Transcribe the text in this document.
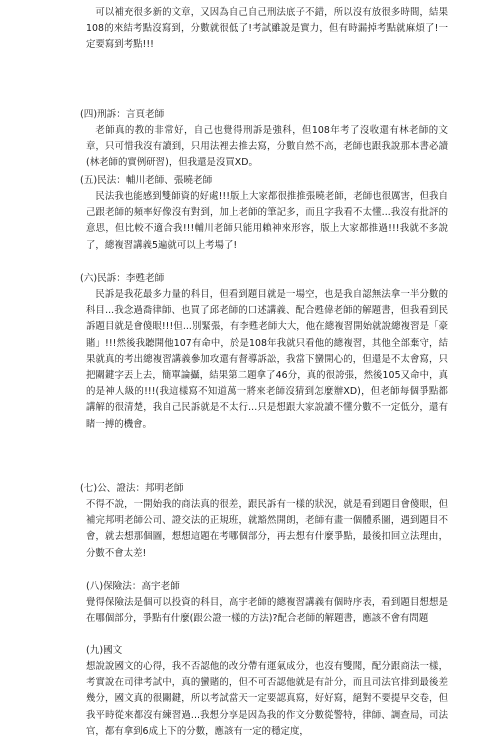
可以補充很多新的文章，又因為自己自己刑法底子不錯，所以沒有放很多時間，結果108的來結考點沒寫到，分數就很低了!考試雖說是實力，但有時漏掉考點就麻煩了!一定要寫到考點!!!

(四)刑訴：言頁老師

老師真的教的非常好，自己也覺得刑訴是強科，但108年考了沒收還有林老師的文章，只可惜我沒有讀到，只用法裡去推去寫，分數自然不高，老師也跟我說那本書必讀(林老師的實例研習)，但我還是沒買XD。

(五)民法：輔川老師、張曉老師

民法我也能感到雙師資的好處!!!版上大家都很推推張曉老師，老師也很厲害，但我自己跟老師的頻率好像沒有對到，加上老師的筆記多，而且字我看不太懂...我沒有批評的意思，但比較不適合我!!!輔川老師只能用賴神來形容，版上大家都推過!!!我就不多說了，總複習講義5遍就可以上考場了!

(六)民訴：李甦老師

民訴是我花最多力量的科目，但看到題目就是一場空，也是我自認無法拿一半分數的科目...我念過喬律師、也買了邱老師的口述講義、配合甦偉老師的解題書，但我看到民訴題目就是會傻眼!!!但...別緊張，有李甦老師大大，他在總複習開始就說總複習是「豪賭」!!!然後我聽開他107有命中，於是108年我就只看他的總複習，其他全部棄守，結果就真的考出總複習講義參加攻還有督導訴訟，我當下蠻開心的，但還是不太會寫，只把關鍵字丟上去，簡單論攝，結果第二題拿了46分，真的很誇張，然後105又命中，真的是神人級的!!!(我這樣寫不知道萬一將來老師沒猜到怎麼辦XD)，但老師每個爭點都講解的很清楚，我自己民訴就是不太行...只是想跟大家說讀不懂分數不一定低分，還有睹一搏的機會。

(七)公、證法：邦明老師

不得不說，一開始我的商法真的很差，跟民訴有一樣的狀況，就是看到題目會傻眼，但補完邦明老師公司、證交法的正規班，就豁然開朗，老師有畫一個體系圖，遇到題目不會，就去想那個圖，想想這題在考哪個部分，再去想有什麼爭點，最後扣回立法理由，分數不會太差!

(八)保險法：高宇老師

覺得保險法是個可以投資的科目，高宇老師的總複習講義有個時序表，看到題目想想是在哪個部分，爭點有什麼(跟公證一樣的方法)?配合老師的解題書，應該不會有問題

(九)國文

想說說國文的心得，我不否認他的改分帶有運氣成分，也沒有雙聞，配分跟商法一樣，考實說在司律考試中，真的蠻賭的，但不可否認他就是有計分，而且司法官排到最後差幾分，國文真的很關鍵，所以考試當天一定要認真寫，好好寫，絕對不要提早交卷，但我平時從來都沒有練習過...我想分享是因為我的作文分數從警特，律師、調查局，司法官，都有拿到6成上下的分數，應該有一定的穩定度，
